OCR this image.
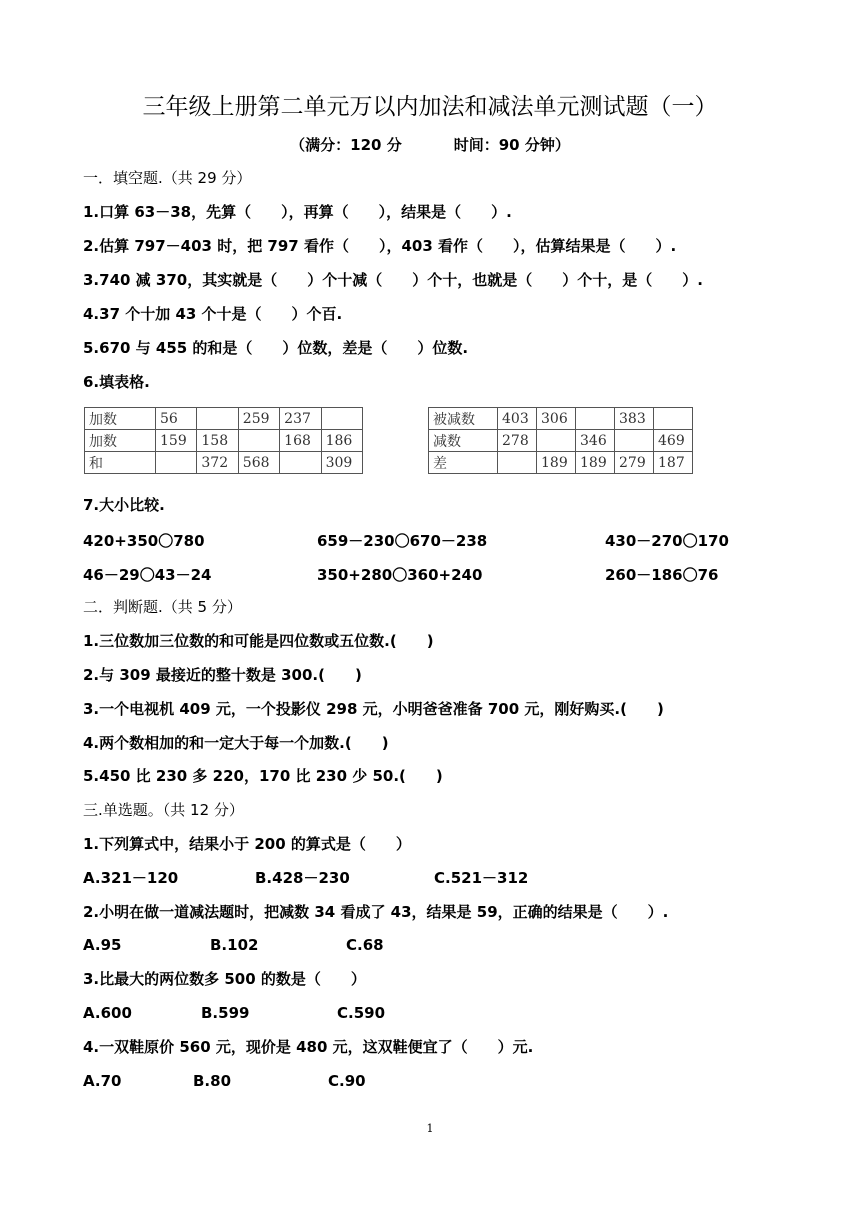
三年级上册第二单元万以内加法和减法单元测试题（一）
（满分：120 分	时间：90 分钟）
一．填空题.（共 29 分）
1.口算 63－38，先算（　　），再算（　　），结果是（　　）.
2.估算 797－403 时，把 797 看作（　　），403 看作（　　），估算结果是（　　）.
3.740 减 370，其实就是（　　）个十减（　　）个十，也就是（　　）个十，是（　　）.
4.37 个十加 43 个十是（　　）个百.
5.670 与 455 的和是（　　）位数，差是（　　）位数.
6.填表格.
加数	56		259	237	
加数	159	158		168	186
和		372	568		309
被减数	403	306		383	
减数	278		346		469
差		189	189	279	187
7.大小比较.
420+350〇780	659－230〇670－238	430－270〇170
46－29〇43－24	350+280〇360+240	260－186〇76
二．判断题.（共 5 分）
1.三位数加三位数的和可能是四位数或五位数.(　　)
2.与 309 最接近的整十数是 300.(　　)
3.一个电视机 409 元，一个投影仪 298 元，小明爸爸准备 700 元，刚好购买.(　　)
4.两个数相加的和一定大于每一个加数.(　　)
5.450 比 230 多 220，170 比 230 少 50.(　　)
三.单选题。（共 12 分）
1.下列算式中，结果小于 200 的算式是（　　）
A.321－120	B.428－230	C.521－312
2.小明在做一道减法题时，把减数 34 看成了 43，结果是 59，正确的结果是（　　）.
A.95	B.102	C.68
3.比最大的两位数多 500 的数是（　　）
A.600	B.599	C.590
4.一双鞋原价 560 元，现价是 480 元，这双鞋便宜了（　　）元.
A.70	B.80	C.90
1
